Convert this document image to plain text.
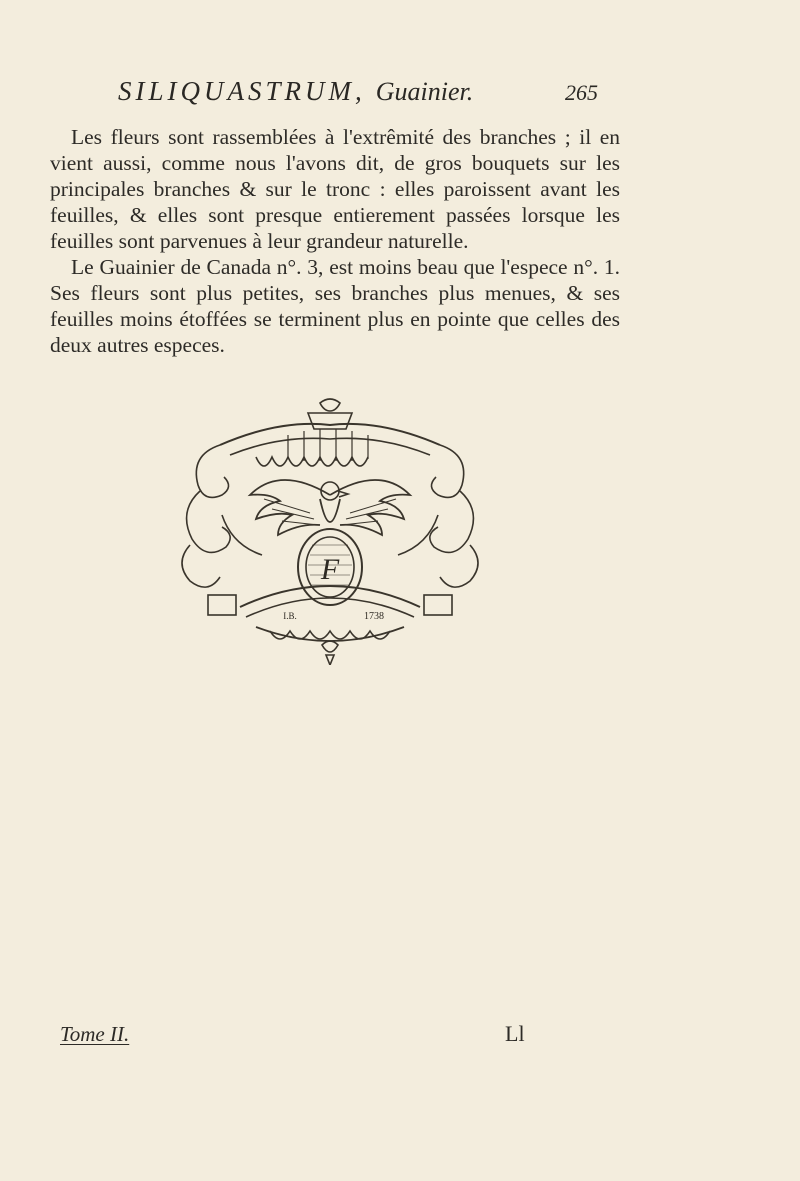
SILIQUASTRUM, Guainier.	265

Les fleurs sont rassemblées à l'extrêmité des branches ; il en vient aussi, comme nous l'avons dit, de gros bouquets sur les principales branches & sur le tronc : elles paroissent avant les feuilles, & elles sont presque entierement passées lorsque les feuilles sont parvenues à leur grandeur naturelle.

Le Guainier de Canada n°. 3, est moins beau que l'espece n°. 1. Ses fleurs sont plus petites, ses branches plus menues, & ses feuilles moins étoffées se terminent plus en pointe que celles des deux autres especes.

F
1738
I.B.
Tome II.	Ll
